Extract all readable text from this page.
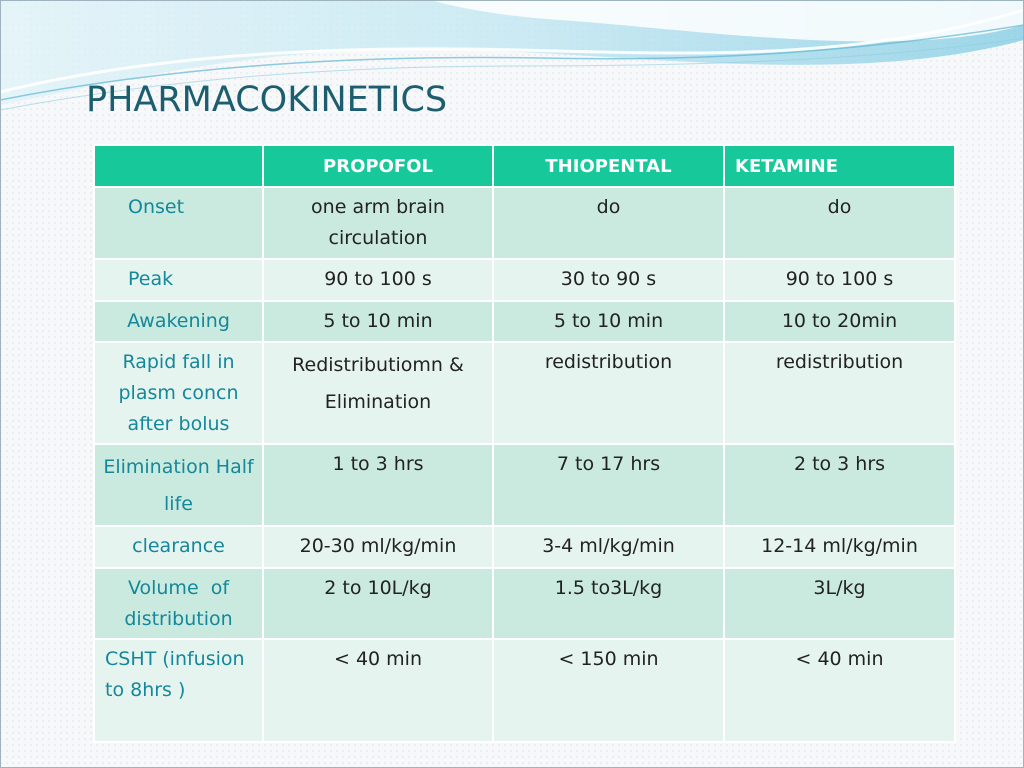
PHARMACOKINETICS
	PROPOFOL	THIOPENTAL	KETAMINE
Onset	one arm brain circulation	do	do
Peak	90 to 100 s	30 to 90 s	90 to 100 s
Awakening	5 to 10 min	5 to 10 min	10 to 20min
Rapid fall in plasm concn after bolus	Redistributiomn & Elimination	redistribution	redistribution

Elimination Half life	1 to 3 hrs	7 to 17 hrs	2 to 3 hrs
clearance	20-30 ml/kg/min	3-4 ml/kg/min	12-14 ml/kg/min
Volume  of distribution	2 to 10L/kg	1.5 to3L/kg	3L/kg
CSHT (infusion to 8hrs )	< 40 min	< 150 min	< 40 min
